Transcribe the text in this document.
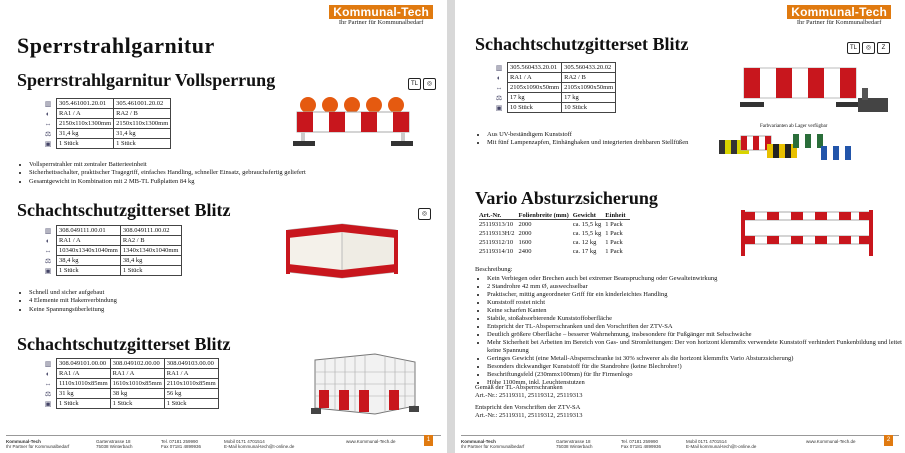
Kommunal-Tech
Ihr Partner für Kommunalbedarf
Sperrstrahlgarnitur
Sperrstrahlgarnitur Vollsperrung	TL	◎
▥	305.461001.20.01	305.461001.20.02
◐	RA1 / A	RA2 / B
⇔	2150x110x1300mm	2150x110x1300mm
⚖	31,4 kg	31,4 kg
▣	1 Stück	1 Stück
• Vollsperrstrahler mit zentraler Batterieeinheit
• Sicherheitsschalter, praktischer Tragegriff, einfaches Handling, schneller Einsatz, gebrauchsfertig geliefert
• Gesamtgewicht in Kombination mit 2 MB-TL Fußplatten 84 kg
Schachtschutzgitterset Blitz	◎
▥	308.049111.00.01	308.049111.00.02
◐	RA1 / A	RA2 / B
⇔	10340x1340x1040mm	1340x1340x1040mm
⚖	38,4 kg	38,4 kg
▣	1 Stück	1 Stück
• Schnell und sicher aufgebaut
• 4 Elemente mit Hakenverbindung
• Keine Spannungsüberleitung
Schachtschutzgitterset Blitz
▥	308.049101.00.00	308.049102.00.00	308.049103.00.00
◐	RA1 /A	RA1 / A	RA1 / A
⇔	1110x1010x85mm	1610x1010x85mm	2110x1010x85mm
⚖	31 kg	38 kg	56 kg
▣	1 Stück	1 Stück	1 Stück
Kommunal-Tech
Ihr Partner für Kommunalbedarf
Gartenstrasse 18
75038 Winterbach
Tel. 07181 259990
Fax 07181 4899936
Mobil 0171 4701514
E-Mail kommunal-tech@t-online.de
www.Kommunal-Tech.de	1
Kommunal-Tech
Ihr Partner für Kommunalbedarf
Schachtschutzgitterset Blitz	TL	◎	Z
▥	305.560433.20.01	305.560433.20.02
◐	RA1 / A	RA2 / B
⇔	2105x1090x50mm	2105x1090x50mm
⚖	17 kg	17 kg
▣	10 Stück	10 Stück
• Aus UV-beständigem Kunststoff
• Mit fünf Lampenzapfen, Einhänghaken und integrierten drehbaren Stellfüßen
Farbvarianten ab Lager verfügbar
Vario Absturzsicherung
Art.-Nr.	Folienbreite (mm)	Gewicht	Einheit
25119313/10	2000	ca. 15,5 kg	1 Pack
25119313H/2	2000	ca. 15,5 kg	1 Pack
25119312/10	1600	ca. 12 kg	1 Pack
25119314/10	2400	ca. 17 kg	1 Pack
Beschreibung:
• Kein Verbiegen oder Brechen auch bei extremer Beanspruchung oder Gewalteinwirkung
• 2 Standrohre 42 mm Ø, auswechselbar
• Praktischer, mittig angeordneter Griff für ein kinderleichtes Handling
• Kunststoff rostet nicht
• Keine scharfen Kanten
• Stabile, stoßabsorbierende Kunststoffoberfläche
• Entspricht der TL-Absperrschranken und den Vorschriften der ZTV-SA
• Deutlich größere Oberfläche – besserer Wahrnehmung, insbesondere für Fußgänger mit Sehschwäche
• Mehr Sicherheit bei Arbeiten im Bereich von Gas- und Stromleitungen: Der von horizont klemmfix verwendete Kunststoff verhindert Funkenbildung und leitet keine Spannung
• Geringes Gewicht (eine Metall-Absperrschranke ist 30% schwerer als die horizont klemmfix Vario Absturzsicherung)
• Besonders dickwandiger Kunststoff für die Standrohre (keine Blechrohre!)
• Beschriftungsfeld (230mmx100mm) für Ihr Firmenlogo
• Höhe 1100mm, inkl. Leuchtenstutzen
Gemäß der TL-Absperrschranken
Art.-Nr.: 25119311, 25119312, 25119313
Entspricht den Vorschriften der ZTV-SA
Art.-Nr.: 25119311, 25119312, 25119313
Kommunal-Tech
Ihr Partner für Kommunalbedarf
Gartenstrasse 18
75038 Winterbach
Tel. 07181 259990
Fax 07181 4899936
Mobil 0171 4701514
E-Mail kommunal-tech@t-online.de
www.Kommunal-Tech.de	2
